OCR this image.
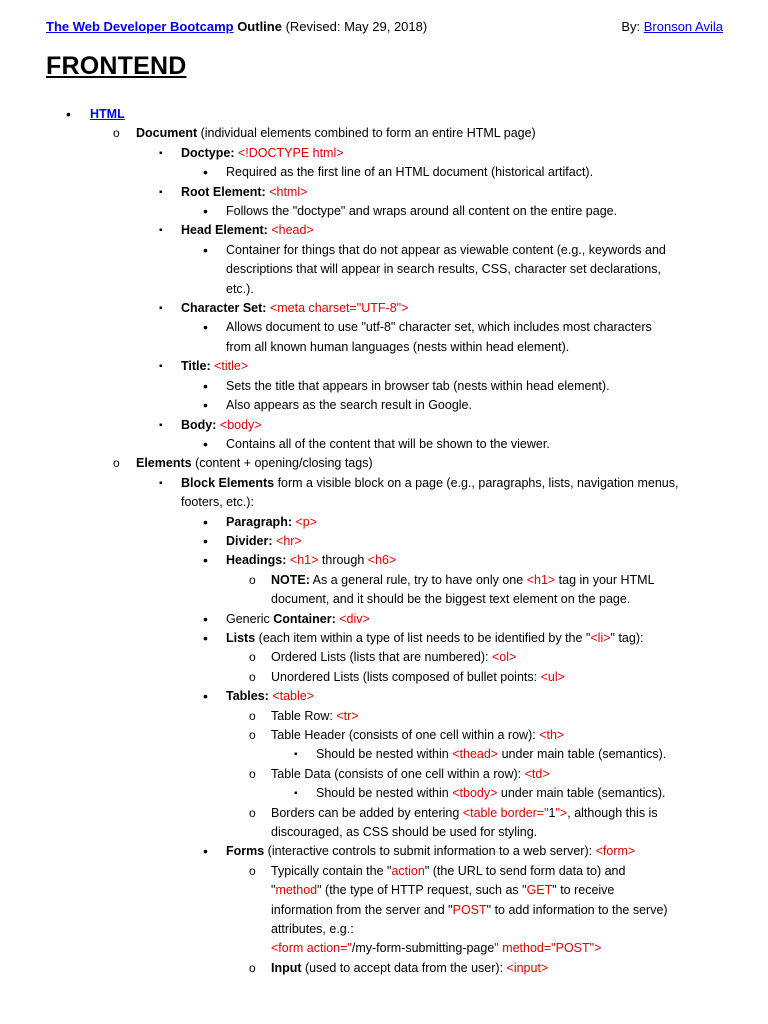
The Web Developer Bootcamp Outline (Revised: May 29, 2018)	By: Bronson Avila
FRONTEND
• HTML
o Document (individual elements combined to form an entire HTML page)
▪ Doctype: <!DOCTYPE html>
• Required as the first line of an HTML document (historical artifact).
▪ Root Element: <html>
• Follows the "doctype" and wraps around all content on the entire page.
▪ Head Element: <head>
• Container for things that do not appear as viewable content (e.g., keywords and
descriptions that will appear in search results, CSS, character set declarations,
etc.).
▪ Character Set: <meta charset="UTF-8">
• Allows document to use "utf-8" character set, which includes most characters
from all known human languages (nests within head element).
▪ Title: <title>
• Sets the title that appears in browser tab (nests within head element).
• Also appears as the search result in Google.
▪ Body: <body>
• Contains all of the content that will be shown to the viewer.
o Elements (content + opening/closing tags)
▪ Block Elements form a visible block on a page (e.g., paragraphs, lists, navigation menus,
footers, etc.):
• Paragraph: <p>
• Divider: <hr>
• Headings: <h1> through <h6>
o NOTE: As a general rule, try to have only one <h1> tag in your HTML
document, and it should be the biggest text element on the page.
• Generic Container: <div>
• Lists (each item within a type of list needs to be identified by the "<li>" tag):
o Ordered Lists (lists that are numbered): <ol>
o Unordered Lists (lists composed of bullet points: <ul>
• Tables: <table>
o Table Row: <tr>
o Table Header (consists of one cell within a row): <th>
▪ Should be nested within <thead> under main table (semantics).
o Table Data (consists of one cell within a row): <td>
▪ Should be nested within <tbody> under main table (semantics).
o Borders can be added by entering <table border="1">, although this is
discouraged, as CSS should be used for styling.
• Forms (interactive controls to submit information to a web server): <form>
o Typically contain the "action" (the URL to send form data to) and
"method" (the type of HTTP request, such as "GET" to receive
information from the server and "POST" to add information to the serve)
attributes, e.g.:
<form action="/my-form-submitting-page" method="POST">
o Input (used to accept data from the user): <input>
